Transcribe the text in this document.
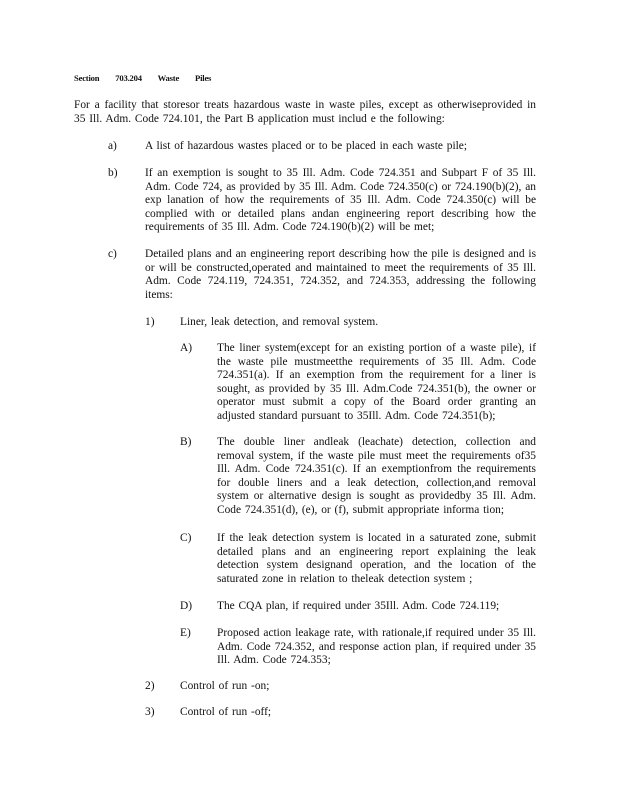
Section 703.204 Waste Piles
For a facility that storesor treats hazardous waste in waste piles, except as otherwiseprovided in 35 Ill. Adm. Code 724.101, the Part B application must includ e the following:
a) A list of hazardous wastes placed or to be placed in each waste pile;
b) If an exemption is sought to 35 Ill. Adm. Code 724.351 and Subpart F of 35 Ill. Adm. Code 724, as provided by 35 Ill. Adm. Code 724.350(c) or 724.190(b)(2), an exp lanation of how the requirements of 35 Ill. Adm. Code 724.350(c) will be complied with or detailed plans andan engineering report describing how the requirements of 35 Ill. Adm. Code 724.190(b)(2) will be met;
c) Detailed plans and an engineering report describing how the pile is designed and is or will be constructed,operated and maintained to meet the requirements of 35 Ill. Adm. Code 724.119, 724.351, 724.352, and 724.353, addressing the following items:
1) Liner, leak detection, and removal system.
A) The liner system(except for an existing portion of a waste pile), if the waste pile mustmeetthe requirements of 35 Ill. Adm. Code 724.351(a). If an exemption from the requirement for a liner is sought, as provided by 35 Ill. Adm.Code 724.351(b), the owner or operator must submit a copy of the Board order granting an adjusted standard pursuant to 35Ill. Adm. Code 724.351(b);
B) The double liner andleak (leachate) detection, collection and removal system, if the waste pile must meet the requirements of35 Ill. Adm. Code 724.351(c). If an exemptionfrom the requirements for double liners and a leak detection, collection,and removal system or alternative design is sought as providedby 35 Ill. Adm. Code 724.351(d), (e), or (f), submit appropriate informa tion;
C) If the leak detection system is located in a saturated zone, submit detailed plans and an engineering report explaining the leak detection system designand operation, and the location of the saturated zone in relation to theleak detection system ;
D) The CQA plan, if required under 35Ill. Adm. Code 724.119;
E) Proposed action leakage rate, with rationale,if required under 35 Ill. Adm. Code 724.352, and response action plan, if required under 35 Ill. Adm. Code 724.353;
2) Control of run -on;
3) Control of run -off;
